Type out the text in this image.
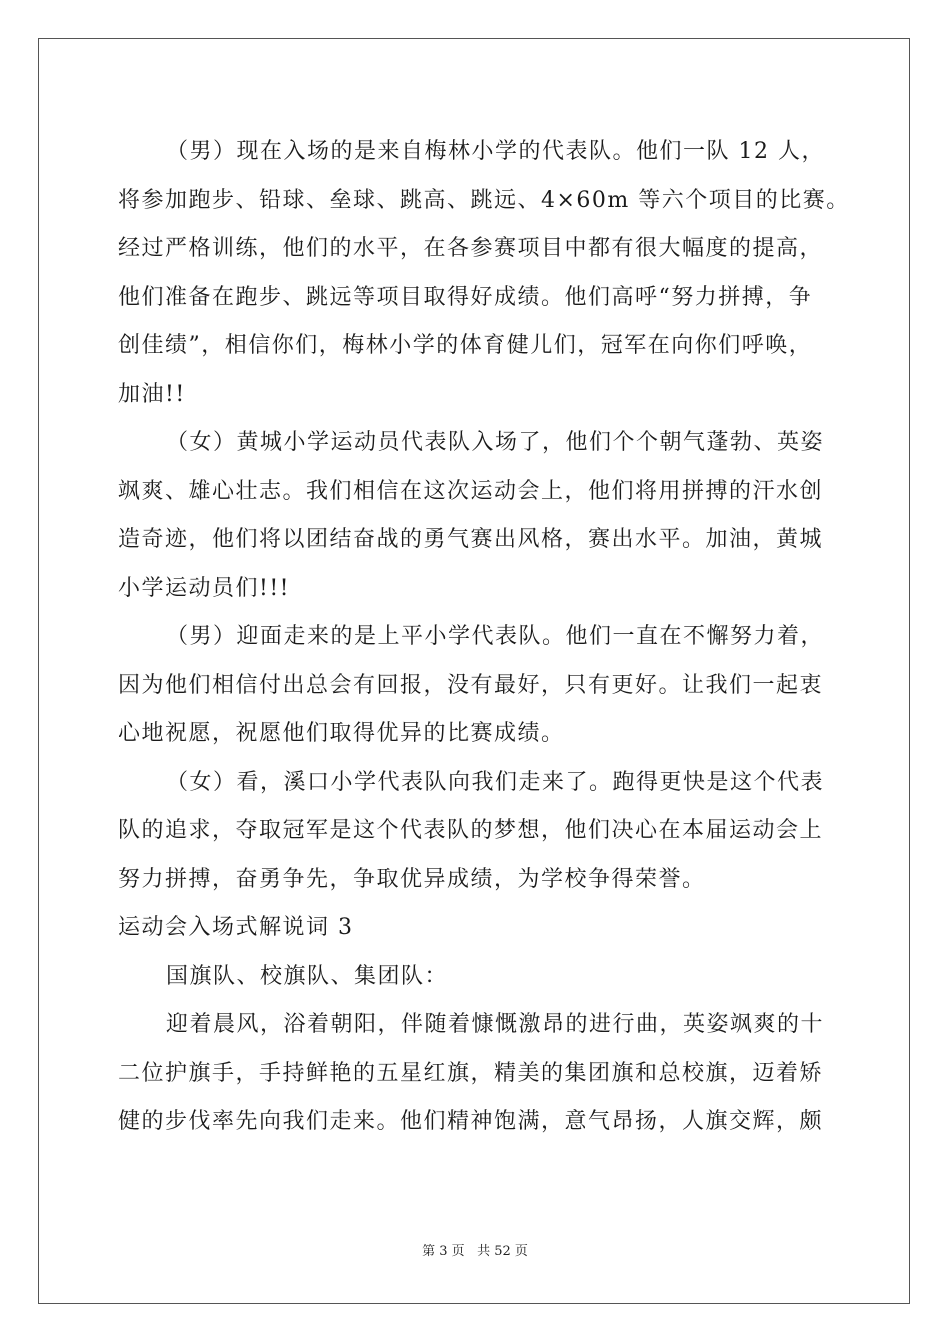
（男）现在入场的是来自梅林小学的代表队。他们一队 12 人，
将参加跑步、铅球、垒球、跳高、跳远、4×60m 等六个项目的比赛。
经过严格训练，他们的水平，在各参赛项目中都有很大幅度的提高，
他们准备在跑步、跳远等项目取得好成绩。他们高呼“努力拼搏，争
创佳绩”，相信你们，梅林小学的体育健儿们，冠军在向你们呼唤，
加油!!
（女）黄城小学运动员代表队入场了，他们个个朝气蓬勃、英姿
飒爽、雄心壮志。我们相信在这次运动会上，他们将用拼搏的汗水创
造奇迹，他们将以团结奋战的勇气赛出风格，赛出水平。加油，黄城
小学运动员们!!!
（男）迎面走来的是上平小学代表队。他们一直在不懈努力着，
因为他们相信付出总会有回报，没有最好，只有更好。让我们一起衷
心地祝愿，祝愿他们取得优异的比赛成绩。
（女）看，溪口小学代表队向我们走来了。跑得更快是这个代表
队的追求，夺取冠军是这个代表队的梦想，他们决心在本届运动会上
努力拼搏，奋勇争先，争取优异成绩，为学校争得荣誉。
运动会入场式解说词 3
国旗队、校旗队、集团队：
迎着晨风，浴着朝阳，伴随着慷慨激昂的进行曲，英姿飒爽的十
二位护旗手，手持鲜艳的五星红旗，精美的集团旗和总校旗，迈着矫
健的步伐率先向我们走来。他们精神饱满，意气昂扬，人旗交辉，颇
第 3 页 共 52 页
